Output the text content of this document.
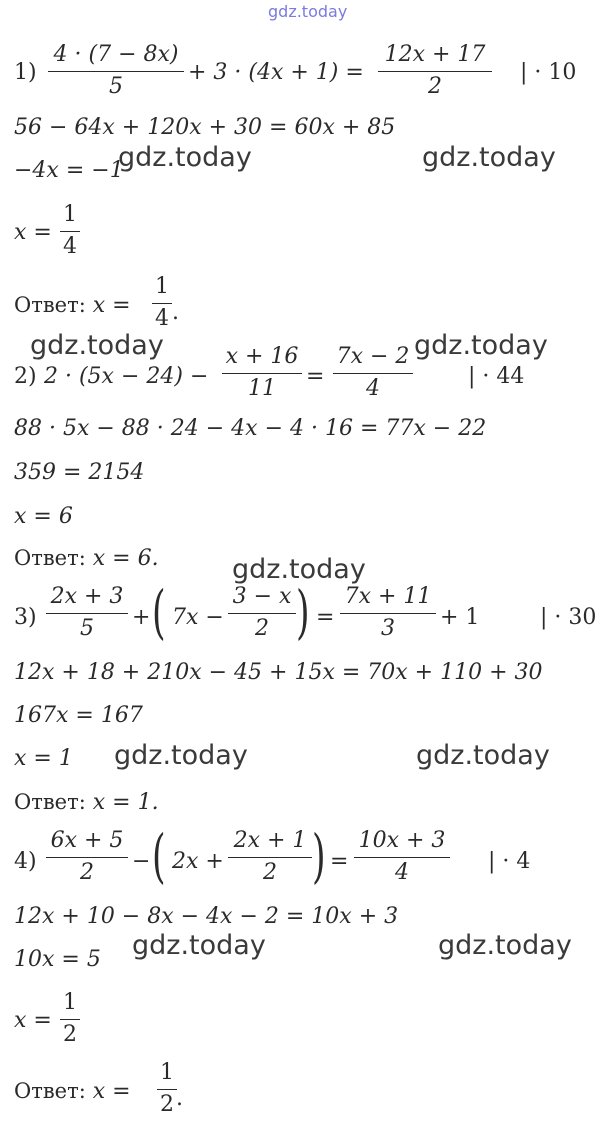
gdz.today
1)
4 · (7 − 8x)
5
+ 3 · (4x + 1) =
12x + 17
2
| · 10
56 − 64x + 120x + 30 = 60x + 85
−4x = −1
x =
1
4
Ответ: x =
1
4 .
2) 2 · (5x − 24) −
x + 16
11	=
7x − 2
4	| · 44
88 · 5x − 88 · 24 − 4x − 4 · 16 = 77x − 22
359 = 2154
x = 6
Ответ: x = 6.
3)
2x + 3
5	+ ( 7x −
3 − x
2 ) =
7x + 11
3	+ 1	| · 30
12x + 18 + 210x − 45 + 15x = 70x + 110 + 30
167x = 167
x = 1
Ответ: x = 1.
4)
6x + 5
2	− ( 2x +
2x + 1
2 ) =
10x + 3
4	| · 4
12x + 10 − 8x − 4x − 2 = 10x + 3
10x = 5
x =
1
2
Ответ: x =
1
2 .
gdz.today	gdz.today
gdz.today	gdz.today
gdz.today
gdz.today	gdz.today
gdz.today	gdz.today
